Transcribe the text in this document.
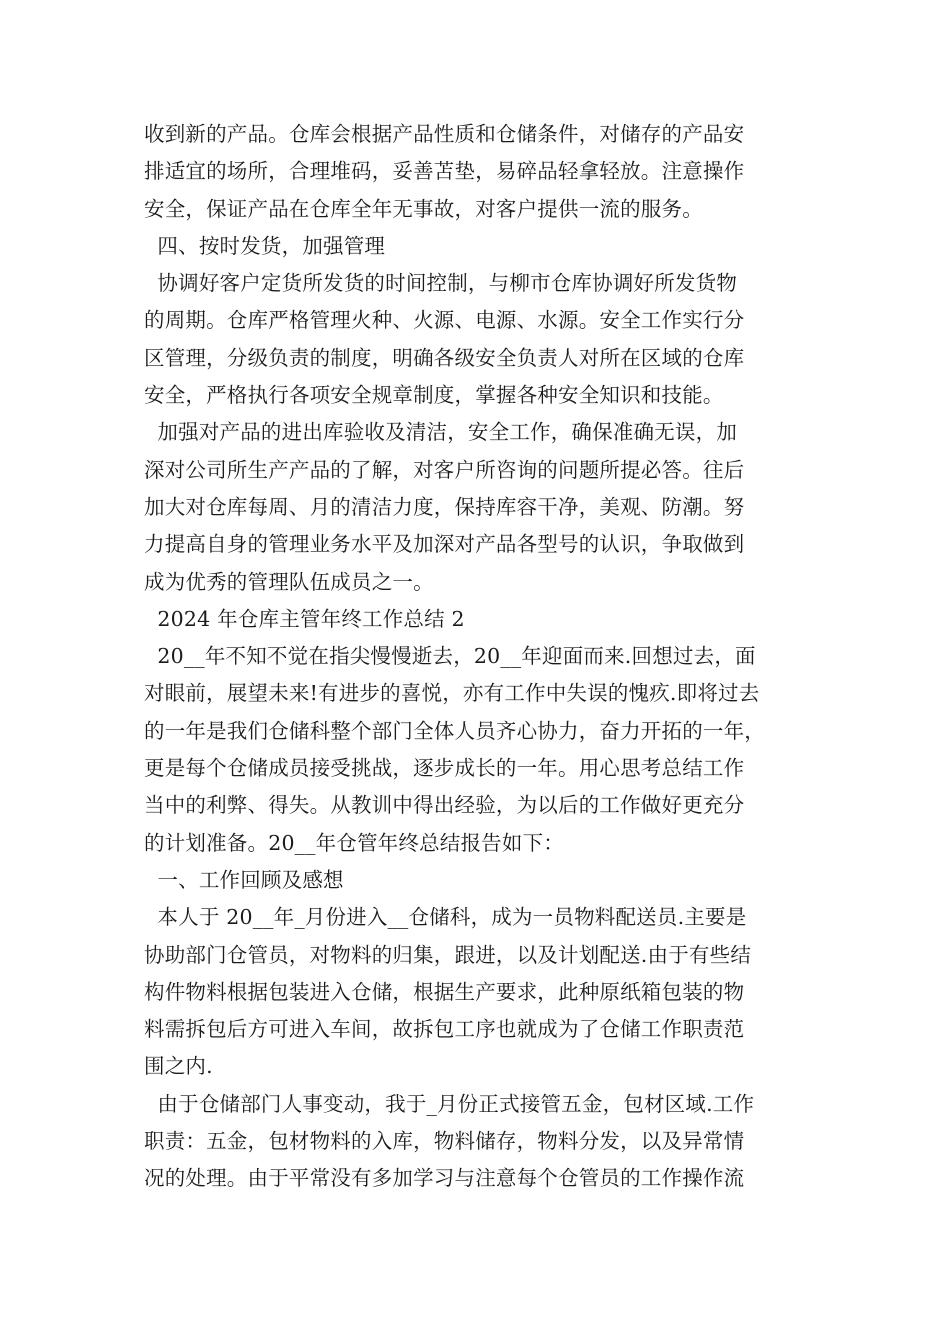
收到新的产品。仓库会根据产品性质和仓储条件，对储存的产品安
排适宜的场所，合理堆码，妥善苫垫，易碎品轻拿轻放。注意操作
安全，保证产品在仓库全年无事故，对客户提供一流的服务。
四、按时发货，加强管理
协调好客户定货所发货的时间控制，与柳市仓库协调好所发货物
的周期。仓库严格管理火种、火源、电源、水源。安全工作实行分
区管理，分级负责的制度，明确各级安全负责人对所在区域的仓库
安全，严格执行各项安全规章制度，掌握各种安全知识和技能。
加强对产品的进出库验收及清洁，安全工作，确保准确无误，加
深对公司所生产产品的了解，对客户所咨询的问题所提必答。往后
加大对仓库每周、月的清洁力度，保持库容干净，美观、防潮。努
力提高自身的管理业务水平及加深对产品各型号的认识，争取做到
成为优秀的管理队伍成员之一。
2024 年仓库主管年终工作总结 2
20__年不知不觉在指尖慢慢逝去，20__年迎面而来.回想过去，面
对眼前，展望未来!有进步的喜悦，亦有工作中失误的愧疚.即将过去
的一年是我们仓储科整个部门全体人员齐心协力，奋力开拓的一年，
更是每个仓储成员接受挑战，逐步成长的一年。用心思考总结工作
当中的利弊、得失。从教训中得出经验，为以后的工作做好更充分
的计划准备。20__年仓管年终总结报告如下：
一、工作回顾及感想
本人于 20__年_月份进入__仓储科，成为一员物料配送员.主要是
协助部门仓管员，对物料的归集，跟进，以及计划配送.由于有些结
构件物料根据包装进入仓储，根据生产要求，此种原纸箱包装的物
料需拆包后方可进入车间，故拆包工序也就成为了仓储工作职责范
围之内.
由于仓储部门人事变动，我于_月份正式接管五金，包材区域.工作
职责：五金，包材物料的入库，物料储存，物料分发，以及异常情
况的处理。由于平常没有多加学习与注意每个仓管员的工作操作流
